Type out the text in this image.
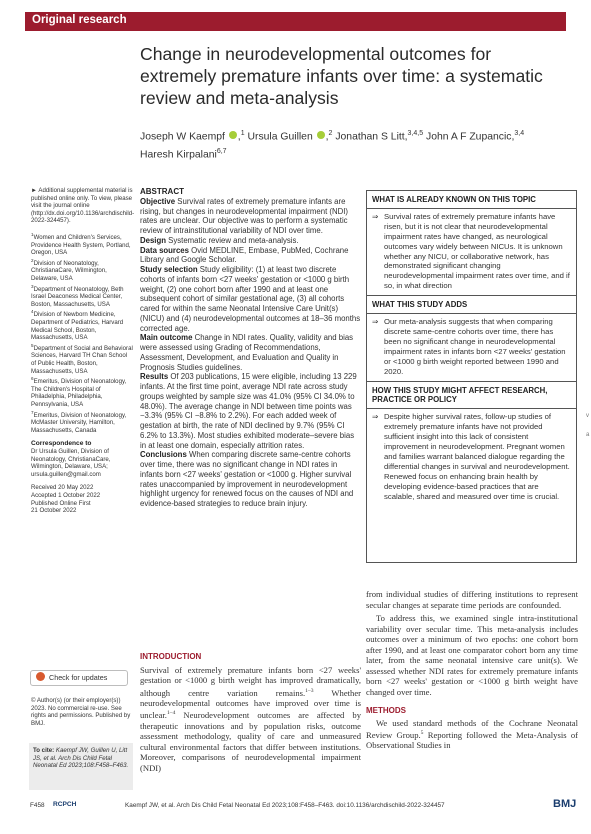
Original research
Change in neurodevelopmental outcomes for
extremely premature infants over time: a systematic
review and meta-analysis
Joseph W Kaempf ,$^1$ Ursula Guillen ,$^2$ Jonathan S Litt,$^{3,4,5}$ John A F Zupancic,$^{3,4}$
Haresh Kirpalani$^{6,7}$
► Additional supplemental material is published online only. To view, please visit the journal online (http://dx.doi.org/10.1136/archdischild-2022-324457).
$^1$Women and Children's Services, Providence Health System, Portland, Oregon, USA
$^2$Division of Neonatology, ChristianaCare, Wilmington, Delaware, USA
$^3$Department of Neonatology, Beth Israel Deaconess Medical Center, Boston, Massachusetts, USA
$^4$Division of Newborn Medicine, Department of Pediatrics, Harvard Medical School, Boston, Massachusetts, USA
$^5$Department of Social and Behavioral Sciences, Harvard TH Chan School of Public Health, Boston, Massachusetts, USA
$^6$Emeritus, Division of Neonatology, The Children's Hospital of Philadelphia, Philadelphia, Pennsylvania, USA
$^7$Emeritus, Division of Neonatology, McMaster University, Hamilton, Massachusetts, Canada
Correspondence to
Dr Ursula Guillen, Division of Neonatology, ChristianaCare, Wilmington, Delaware, USA; ursula.guillen@gmail.com
Received 20 May 2022
Accepted 1 October 2022
Published Online First
21 October 2022
Check for updates
© Author(s) (or their employer(s)) 2023. No commercial re-use. See rights and permissions. Published by BMJ.
To cite: Kaempf JW, Guillen U, Litt JS, et al. Arch Dis Child Fetal Neonatal Ed 2023;108:F458–F463.
ABSTRACT

Objective Survival rates of extremely premature infants are rising, but changes in neurodevelopmental impairment (NDI) rates are unclear. Our objective was to perform a systematic review of intrainstitutional variability of NDI over time.

Design Systematic review and meta-analysis.

Data sources Ovid MEDLINE, Embase, PubMed, Cochrane Library and Google Scholar.

Study selection Study eligibility: (1) at least two discrete cohorts of infants born <27 weeks' gestation or <1000 g birth weight, (2) one cohort born after 1990 and at least one subsequent cohort of similar gestational age, (3) all cohorts cared for within the same Neonatal Intensive Care Unit(s) (NICU) and (4) neurodevelopmental outcomes at 18–36 months corrected age.

Main outcome Change in NDI rates. Quality, validity and bias were assessed using Grading of Recommendations, Assessment, Development, and Evaluation and Quality in Prognosis Studies guidelines.

Results Of 203 publications, 15 were eligible, including 13 229 infants. At the first time point, average NDI rate across study groups weighted by sample size was 41.0% (95% CI 34.0% to 48.0%). The average change in NDI between time points was −3.3% (95% CI −8.8% to 2.2%). For each added week of gestation at birth, the rate of NDI declined by 9.7% (95% CI 6.2% to 13.3%). Most studies exhibited moderate–severe bias in at least one domain, especially attrition rates.

Conclusions When comparing discrete same-centre cohorts over time, there was no significant change in NDI rates in infants born <27 weeks' gestation or <1000 g. Higher survival rates unaccompanied by improvement in neurodevelopment highlight urgency for renewed focus on the causes of NDI and evidence-based strategies to reduce brain injury.

WHAT IS ALREADY KNOWN ON THIS TOPIC
⇒ Survival rates of extremely premature infants have risen, but it is not clear that neurodevelopmental impairment rates have changed, as neurological outcomes vary widely between NICUs. It is unknown whether any NICU, or collaborative network, has demonstrated significant changing neurodevelopmental impairment rates over time, and if so, in what direction
WHAT THIS STUDY ADDS
⇒ Our meta-analysis suggests that when comparing discrete same-centre cohorts over time, there has been no significant change in neurodevelopmental impairment rates in infants born <27 weeks' gestation or <1000 g birth weight reported between 1990 and 2020.
HOW THIS STUDY MIGHT AFFECT RESEARCH, PRACTICE OR POLICY
⇒ Despite higher survival rates, follow-up studies of extremely premature infants have not provided sufficient insight into this lack of consistent improvement in neurodevelopment. Pregnant women and families warrant balanced dialogue regarding the differential changes in survival and neurodevelopment. Renewed focus on enhancing brain health by developing evidence-based practices that are scalable, shared and measured over time is crucial.
INTRODUCTION

Survival of extremely premature infants born <27 weeks' gestation or <1000 g birth weight has improved dramatically, although centre variation remains.$^{1-3}$ Whether neurodevelopmental outcomes have improved over time is unclear.$^{1-4}$ Neurodevelopment outcomes are affected by therapeutic innovations and by population risks, outcome assessment methodology, quality of care and unmeasured cultural environmental factors that differ between institutions. Moreover, comparisons of neurodevelopmental impairment (NDI)

from individual studies of differing institutions to represent secular changes at separate time periods are confounded.

To address this, we examined single intra-institutional variability over secular time. This meta-analysis includes outcomes over a minimum of two epochs: one cohort born after 1990, and at least one comparator cohort born any time later, from the same neonatal intensive care unit(s). We assessed whether NDI rates for extremely premature infants born <27 weeks' gestation or <1000 g birth weight have changed over time.

METHODS

We used standard methods of the Cochrane Neonatal Review Group.$^5$ Reporting followed the Meta-Analysis of Observational Studies in

v
a
F458 RCPCH	Kaempf JW, et al. Arch Dis Child Fetal Neonatal Ed 2023;108:F458–F463. doi:10.1136/archdischild-2022-324457	BMJ
